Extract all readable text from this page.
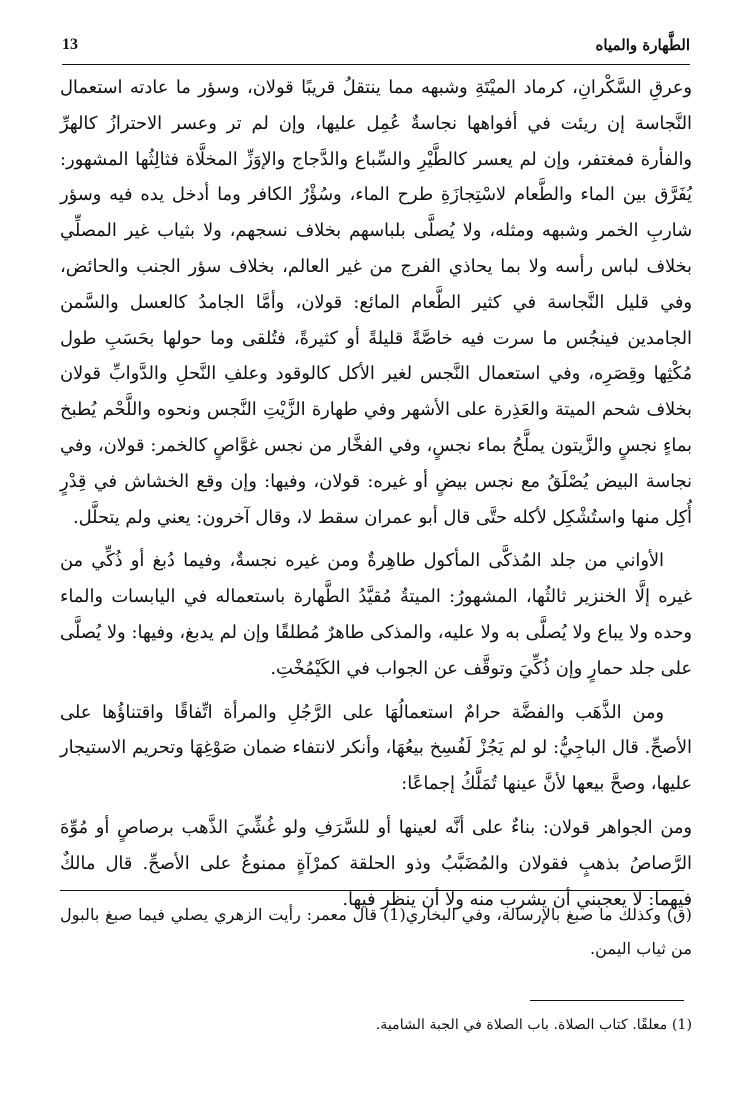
13	الطَّهارة والمياه

وعرقِ السَّكْرانِ، كرماد الميْتَةِ وشبهه مما ينتقلُ قريبًا قولان، وسؤر ما عادته استعمال النَّجاسة إن ريئت في أفواهها نجاسةٌ عُمِل عليها، وإن لم تر وعسر الاحترازُ كالهرِّ والفأرة فمغتفر، وإن لم يعسر كالطَّيْرِ والسِّباع والدَّجاج والإوَزِّ المخلَّاة فثالِثُها المشهور: يُفَرَّق بين الماء والطَّعام لاسْتِجازَةِ طرح الماء، وسُؤْرُ الكافر وما أدخل يده فيه وسؤر شاربِ الخمر وشبهه ومثله، ولا يُصلَّى بلباسهم بخلاف نسجهم، ولا بثياب غير المصلِّي بخلاف لباس رأسه ولا بما يحاذي الفرج من غير العالم، بخلاف سؤر الجنب والحائض، وفي قليل النَّجاسة في كثير الطَّعام المائع: قولان، وأمَّا الجامدُ كالعسل والسَّمن الجامدين فينجُس ما سرت فيه خاصَّةً قليلةً أو كثيرةً، فتُلقى وما حولها بحَسَبِ طول مُكْثِها وقِصَرِه، وفي استعمال النَّجس لغير الأكل كالوقود وعلفِ النَّحلِ والدَّوابِّ قولان بخلاف شحم الميتة والعَذِرة على الأشهر وفي طهارة الزَّيْتِ النَّجس ونحوه واللَّحْم يُطبخ بماءٍ نجسٍ والزَّيتون يملَّحُ بماء نجسٍ، وفي الفخَّار من نجس غوَّاصٍ كالخمر: قولان، وفي نجاسة البيض يُصْلَقُ مع نجس بيضٍ أو غيره: قولان، وفيها: وإن وقع الخشاش في قِدْرٍ أُكِل منها واستُشْكِل لأكله حتَّى قال أبو عمران سقط لا، وقال آخرون: يعني ولم يتحلَّل.

الأواني من جلد المُذكَّى المأكول طاهِرةٌ ومن غيره نجسةٌ، وفيما دُبغ أو ذُكِّي من غيره إلَّا الخنزير ثالثُها، المشهورُ: الميتةُ مُقيَّدُ الطَّهارة باستعماله في اليابسات والماء وحده ولا يباع ولا يُصلَّى به ولا عليه، والمذكى طاهرٌ مُطلقًا وإن لم يدبغ، وفيها: ولا يُصلَّى على جلد حمارٍ وإن ذُكِّيَ وتوقَّف عن الجواب في الكَيْمُخْتِ.

ومن الذَّهَب والفضَّة حرامٌ استعمالُهَا على الرَّجُلِ والمرأة اتِّفاقًا واقتناؤُها على الأصحِّ. قال الباجِيُّ: لو لم يَجُزْ لَفُسِخ بيعُهَا، وأنكر لانتفاء ضمان صَوْغِهَا وتحريم الاستيجار عليها، وصحَّ بيعها لأنَّ عينها تُمَلَّكُ إجماعًا:

ومن الجواهر قولان: بناءٌ على أنَّه لعينها أو للسَّرَفِ ولو غُشِّيَ الذَّهب برصاصٍ أو مُوِّهَ الرَّصاصُ بذهبٍ فقولان والمُضَبَّبُ وذو الحلقة كمرْآةٍ ممنوعٌ على الأصحِّ. قال مالكٌ فيهما: لا يعجبني أن يشرب منه ولا أن ينظر فيها.

(ق) وكذلك ما صبغ بالإرسالة، وفي البخاري(1) قال معمر: رأيت الزهري يصلي فيما صبغ بالبول من ثياب اليمن.
(1) معلقًا. كتاب الصلاة. باب الصلاة في الجبة الشامية.
